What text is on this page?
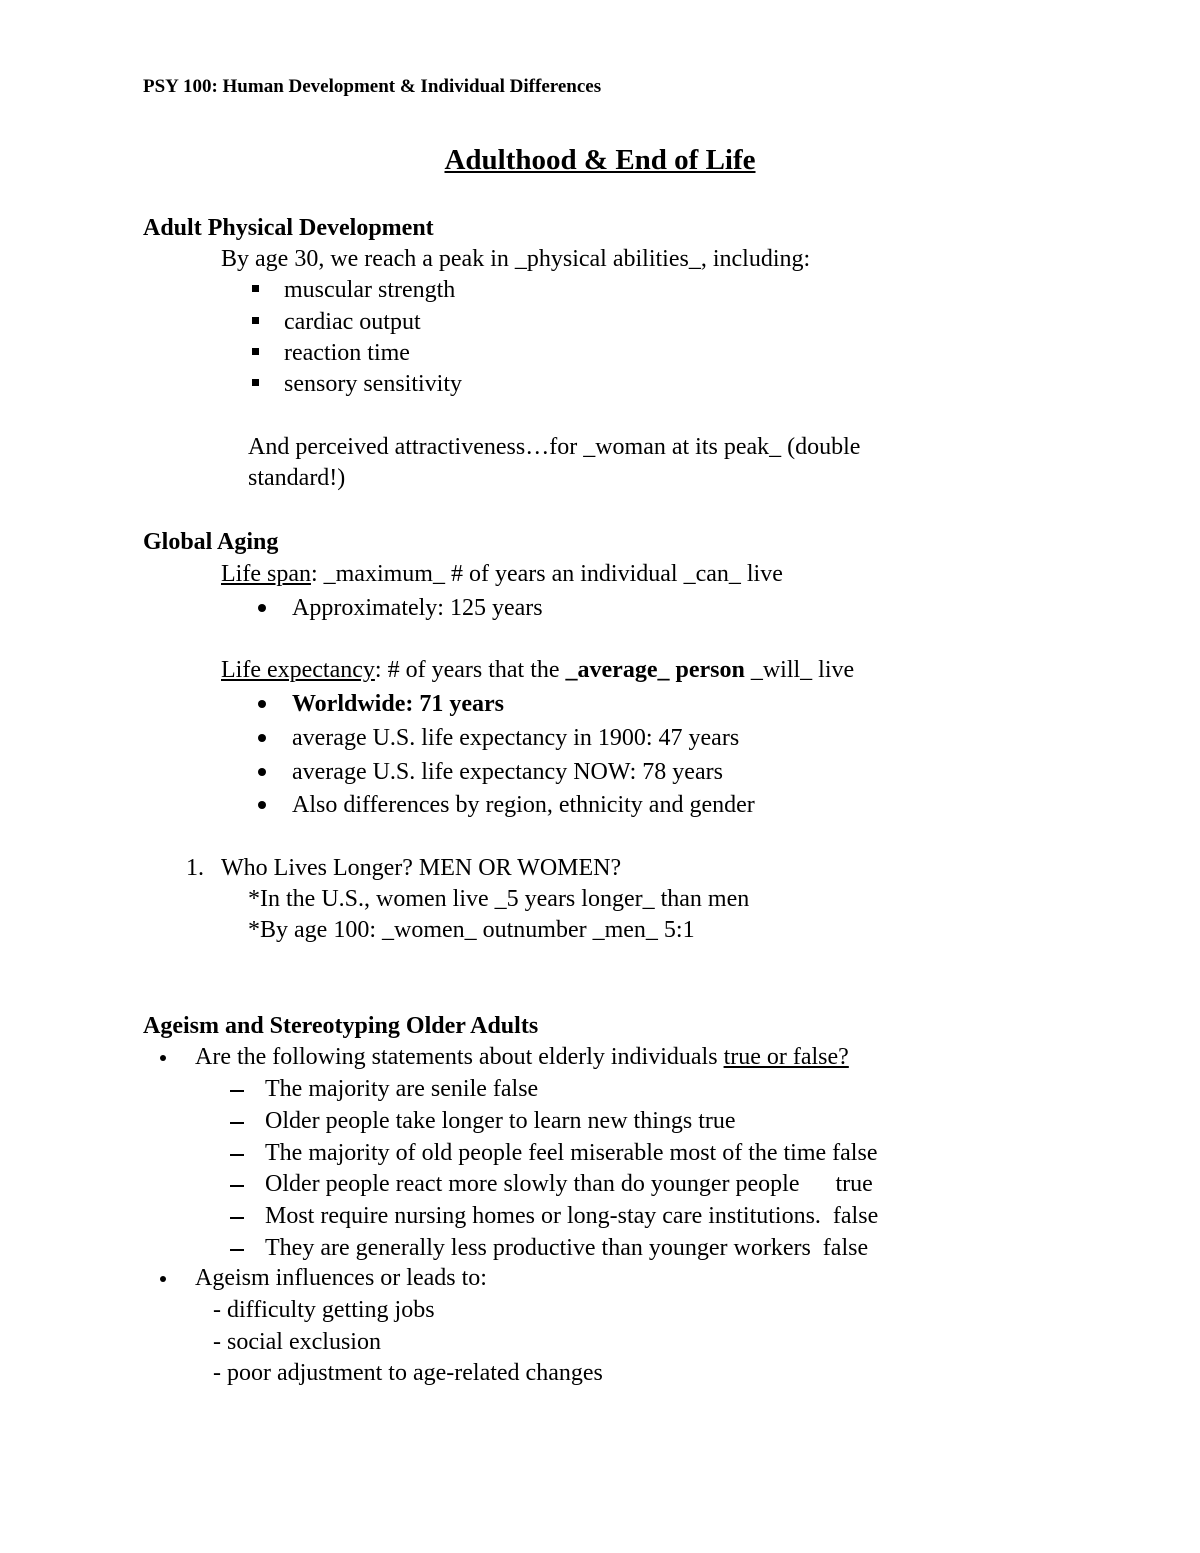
PSY 100: Human Development & Individual Differences
Adulthood & End of Life
Adult Physical Development
By age 30, we reach a peak in _physical abilities_, including:
muscular strength
cardiac output
reaction time
sensory sensitivity
And perceived attractiveness…for _woman at its peak_ (double
standard!)
Global Aging
Life span: _maximum_ # of years an individual _can_ live
Approximately: 125 years
Life expectancy: # of years that the _average_ person _will_ live
Worldwide: 71 years
average U.S. life expectancy in 1900: 47 years
average U.S. life expectancy NOW: 78 years
Also differences by region, ethnicity and gender
1. Who Lives Longer? MEN OR WOMEN?
*In the U.S., women live _5 years longer_ than men
*By age 100: _women_ outnumber _men_ 5:1
Ageism and Stereotyping Older Adults
Are the following statements about elderly individuals true or false?
The majority are senile false
Older people take longer to learn new things true
The majority of old people feel miserable most of the time false
Older people react more slowly than do younger people      true
Most require nursing homes or long-stay care institutions.  false
They are generally less productive than younger workers  false
Ageism influences or leads to:
- difficulty getting jobs
- social exclusion
- poor adjustment to age-related changes
